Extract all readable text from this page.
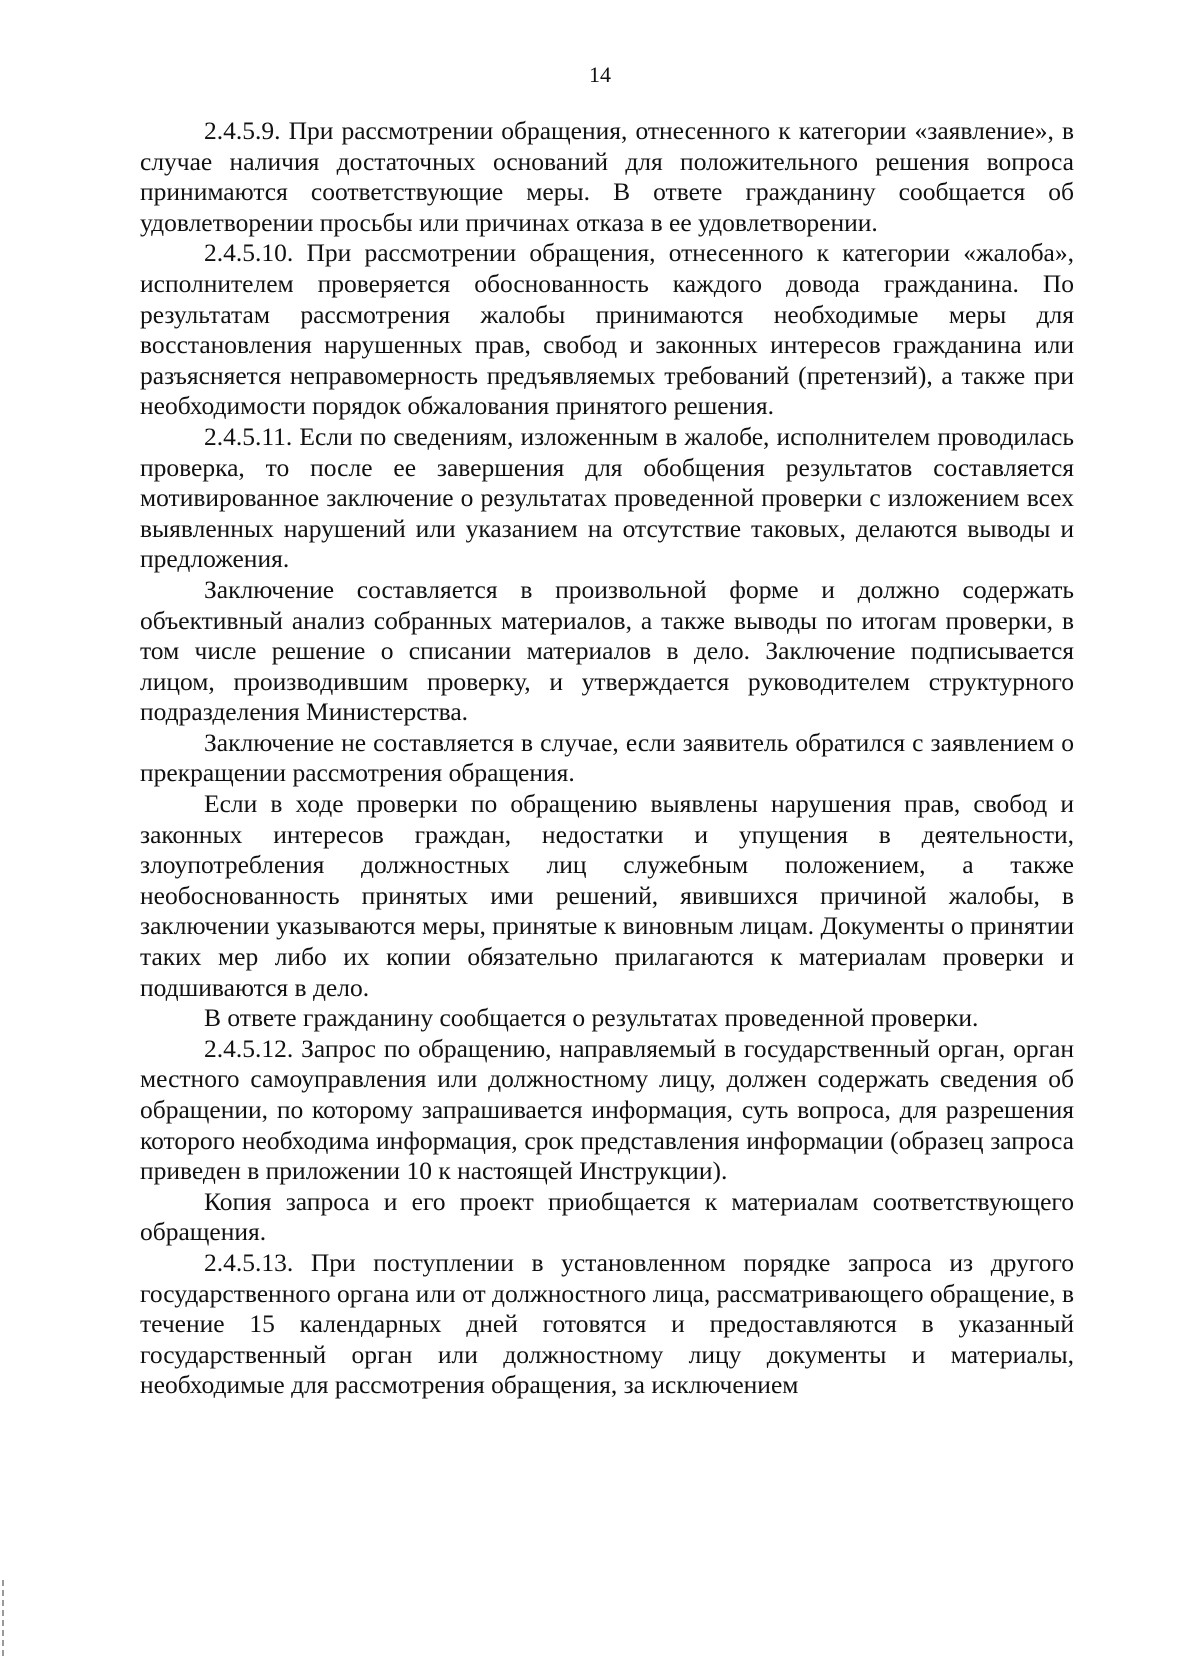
14

2.4.5.9. При рассмотрении обращения, отнесенного к категории «заявление», в случае наличия достаточных оснований для положительного решения вопроса принимаются соответствующие меры. В ответе гражданину сообщается об удовлетворении просьбы или причинах отказа в ее удовлетворении.

2.4.5.10. При рассмотрении обращения, отнесенного к категории «жалоба», исполнителем проверяется обоснованность каждого довода гражданина. По результатам рассмотрения жалобы принимаются необходимые меры для восстановления нарушенных прав, свобод и законных интересов гражданина или разъясняется неправомерность предъявляемых требований (претензий), а также при необходимости порядок обжалования принятого решения.

2.4.5.11. Если по сведениям, изложенным в жалобе, исполнителем проводилась проверка, то после ее завершения для обобщения результатов составляется мотивированное заключение о результатах проведенной проверки с изложением всех выявленных нарушений или указанием на отсутствие таковых, делаются выводы и предложения.

Заключение составляется в произвольной форме и должно содержать объективный анализ собранных материалов, а также выводы по итогам проверки, в том числе решение о списании материалов в дело. Заключение подписывается лицом, производившим проверку, и утверждается руководителем структурного подразделения Министерства.

Заключение не составляется в случае, если заявитель обратился с заявлением о прекращении рассмотрения обращения.

Если в ходе проверки по обращению выявлены нарушения прав, свобод и законных интересов граждан, недостатки и упущения в деятельности, злоупотребления должностных лиц служебным положением, а также необоснованность принятых ими решений, явившихся причиной жалобы, в заключении указываются меры, принятые к виновным лицам. Документы о принятии таких мер либо их копии обязательно прилагаются к материалам проверки и подшиваются в дело.

В ответе гражданину сообщается о результатах проведенной проверки.

2.4.5.12. Запрос по обращению, направляемый в государственный орган, орган местного самоуправления или должностному лицу, должен содержать сведения об обращении, по которому запрашивается информация, суть вопроса, для разрешения которого необходима информация, срок представления информации (образец запроса приведен в приложении 10 к настоящей Инструкции).

Копия запроса и его проект приобщается к материалам соответствующего обращения.

2.4.5.13. При поступлении в установленном порядке запроса из другого государственного органа или от должностного лица, рассматривающего обращение, в течение 15 календарных дней готовятся и предоставляются в указанный государственный орган или должностному лицу документы и материалы, необходимые для рассмотрения обращения, за исключением
